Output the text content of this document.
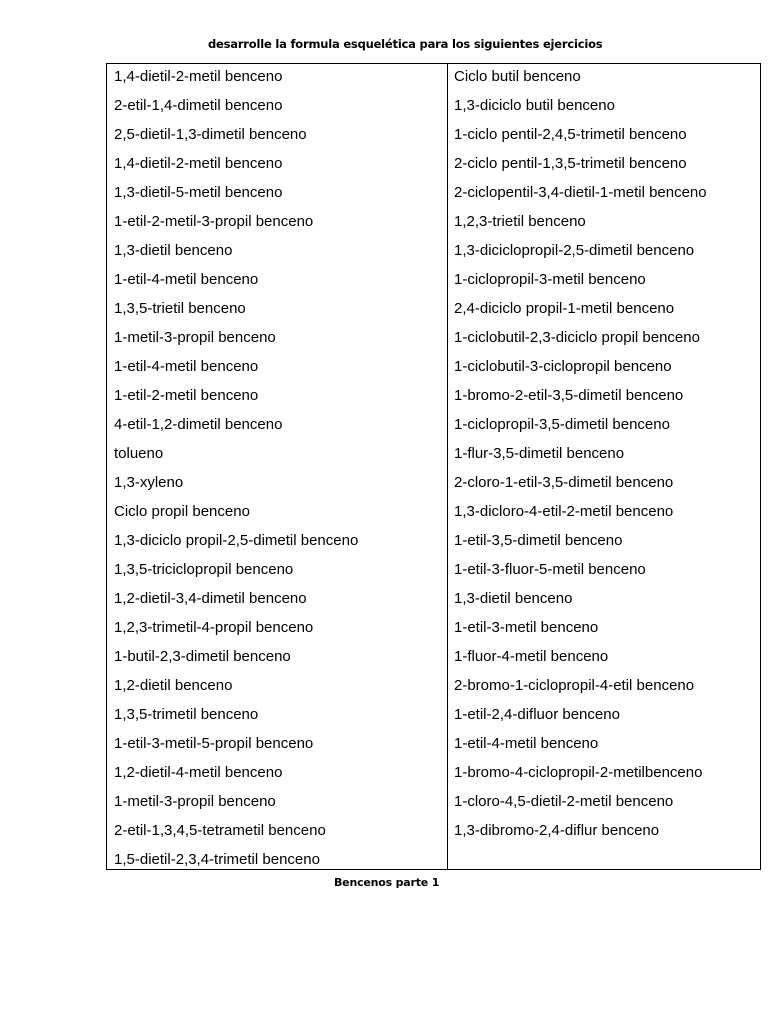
desarrolle la formula esquelética para los siguientes ejercicios
1,4-dietil-2-metil benceno
2-etil-1,4-dimetil benceno
2,5-dietil-1,3-dimetil benceno
1,4-dietil-2-metil benceno
1,3-dietil-5-metil benceno
1-etil-2-metil-3-propil benceno
1,3-dietil benceno
1-etil-4-metil benceno
1,3,5-trietil benceno
1-metil-3-propil benceno
1-etil-4-metil benceno
1-etil-2-metil benceno
4-etil-1,2-dimetil benceno
tolueno
1,3-xyleno
Ciclo propil benceno
1,3-diciclo propil-2,5-dimetil benceno
1,3,5-triciclopropil benceno
1,2-dietil-3,4-dimetil benceno
1,2,3-trimetil-4-propil benceno
1-butil-2,3-dimetil benceno
1,2-dietil benceno
1,3,5-trimetil benceno
1-etil-3-metil-5-propil benceno
1,2-dietil-4-metil benceno
1-metil-3-propil benceno
2-etil-1,3,4,5-tetrametil benceno
1,5-dietil-2,3,4-trimetil benceno
Ciclo butil benceno
1,3-diciclo butil benceno
1-ciclo pentil-2,4,5-trimetil benceno
2-ciclo pentil-1,3,5-trimetil benceno
2-ciclopentil-3,4-dietil-1-metil benceno
1,2,3-trietil benceno
1,3-diciclopropil-2,5-dimetil benceno
1-ciclopropil-3-metil benceno
2,4-diciclo propil-1-metil benceno
1-ciclobutil-2,3-diciclo propil benceno
1-ciclobutil-3-ciclopropil benceno
1-bromo-2-etil-3,5-dimetil benceno
1-ciclopropil-3,5-dimetil benceno
1-flur-3,5-dimetil benceno
2-cloro-1-etil-3,5-dimetil benceno
1,3-dicloro-4-etil-2-metil benceno
1-etil-3,5-dimetil benceno
1-etil-3-fluor-5-metil benceno
1,3-dietil benceno
1-etil-3-metil benceno
1-fluor-4-metil benceno
2-bromo-1-ciclopropil-4-etil benceno
1-etil-2,4-difluor benceno
1-etil-4-metil benceno
1-bromo-4-ciclopropil-2-metilbenceno
1-cloro-4,5-dietil-2-metil benceno
1,3-dibromo-2,4-diflur benceno
Bencenos parte 1
